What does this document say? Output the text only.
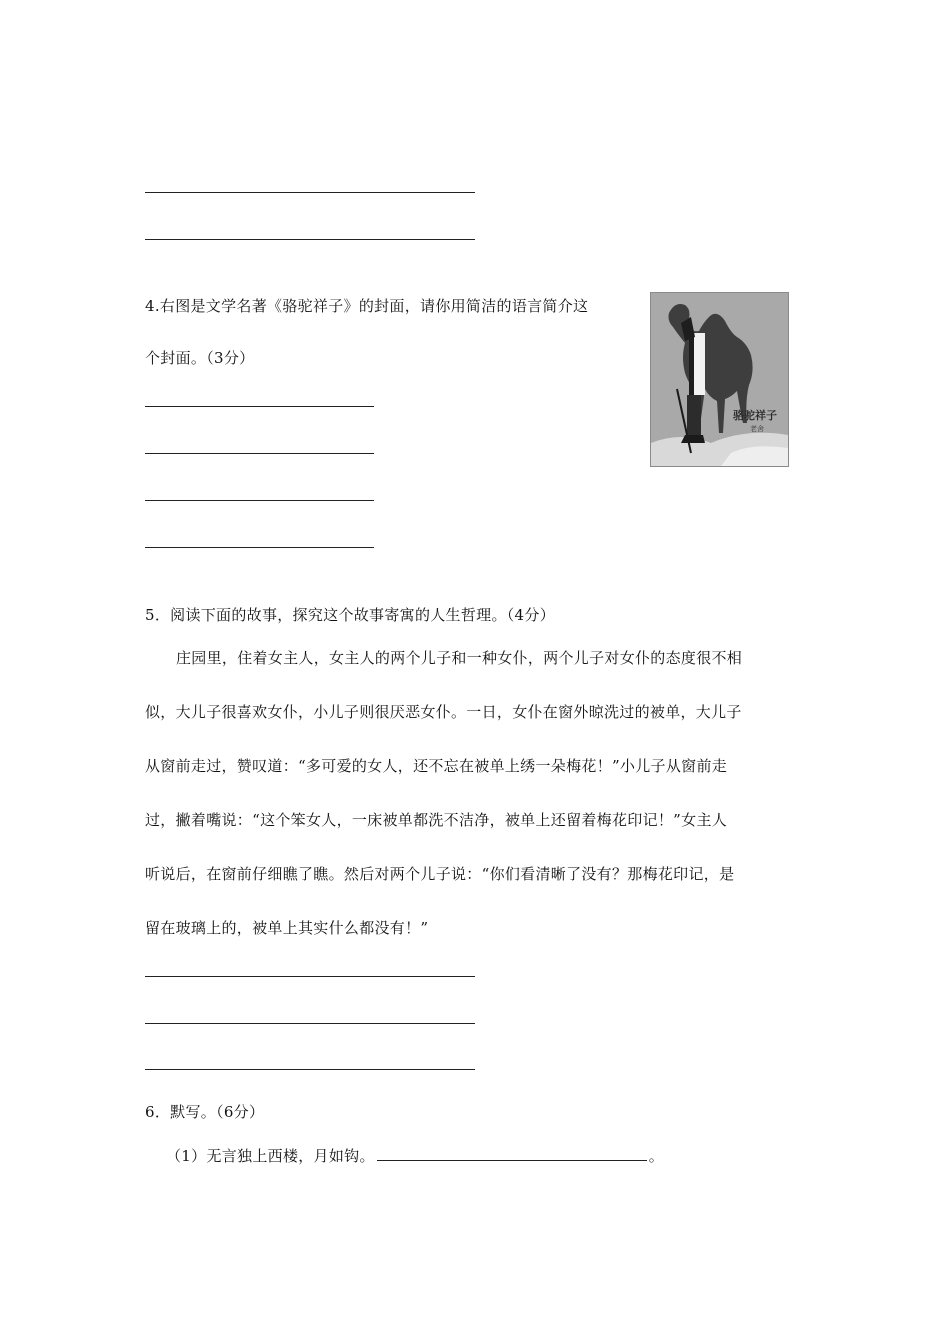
4.右图是文学名著《骆驼祥子》的封面，请你用简洁的语言简介这
个封面。（3分）
骆驼祥子
老舍
5．阅读下面的故事，探究这个故事寄寓的人生哲理。（4分）
庄园里，住着女主人，女主人的两个儿子和一种女仆，两个儿子对女仆的态度很不相
似，大儿子很喜欢女仆，小儿子则很厌恶女仆。一日，女仆在窗外晾洗过的被单，大儿子
从窗前走过，赞叹道：“多可爱的女人，还不忘在被单上绣一朵梅花！”小儿子从窗前走
过，撇着嘴说：“这个笨女人，一床被单都洗不洁净，被单上还留着梅花印记！”女主人
听说后，在窗前仔细瞧了瞧。然后对两个儿子说：“你们看清晰了没有？那梅花印记，是
留在玻璃上的，被单上其实什么都没有！”
6．默写。（6分）
（1）无言独上西楼，月如钩。	。
